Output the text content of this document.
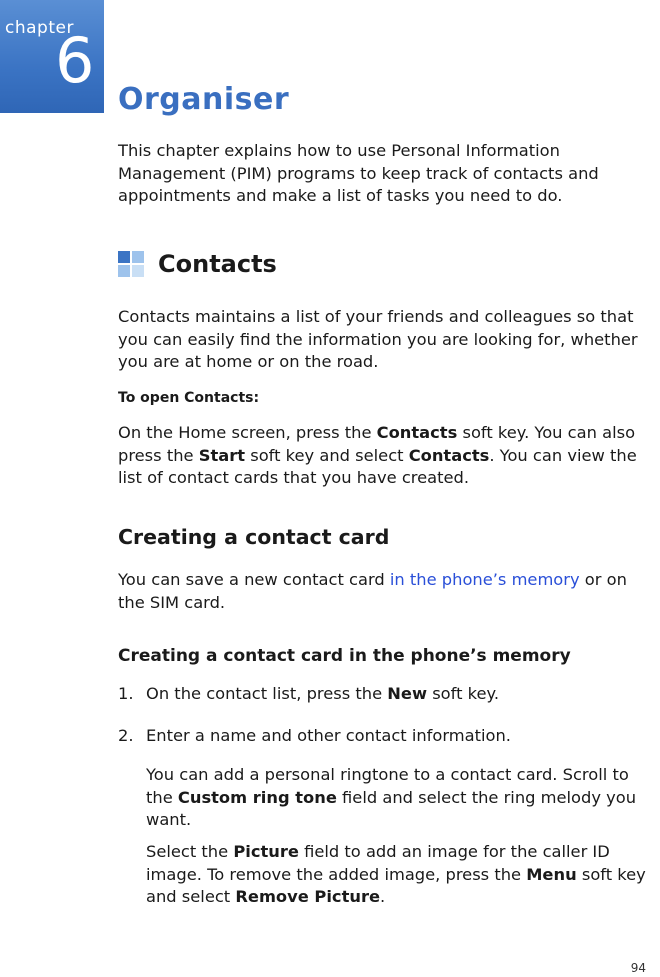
chapter
6
Organiser

This chapter explains how to use Personal Information Management (PIM) programs to keep track of contacts and appointments and make a list of tasks you need to do.

Contacts

Contacts maintains a list of your friends and colleagues so that you can easily find the information you are looking for, whether you are at home or on the road.

To open Contacts:

On the Home screen, press the Contacts soft key. You can also press the Start soft key and select Contacts. You can view the list of contact cards that you have created.

Creating a contact card

You can save a new contact card in the phone’s memory or on the SIM card.

Creating a contact card in the phone’s memory

1. On the contact list, press the New soft key.

2. Enter a name and other contact information.

You can add a personal ringtone to a contact card. Scroll to the Custom ring tone field and select the ring melody you want.

Select the Picture field to add an image for the caller ID image. To remove the added image, press the Menu soft key and select Remove Picture.

94
